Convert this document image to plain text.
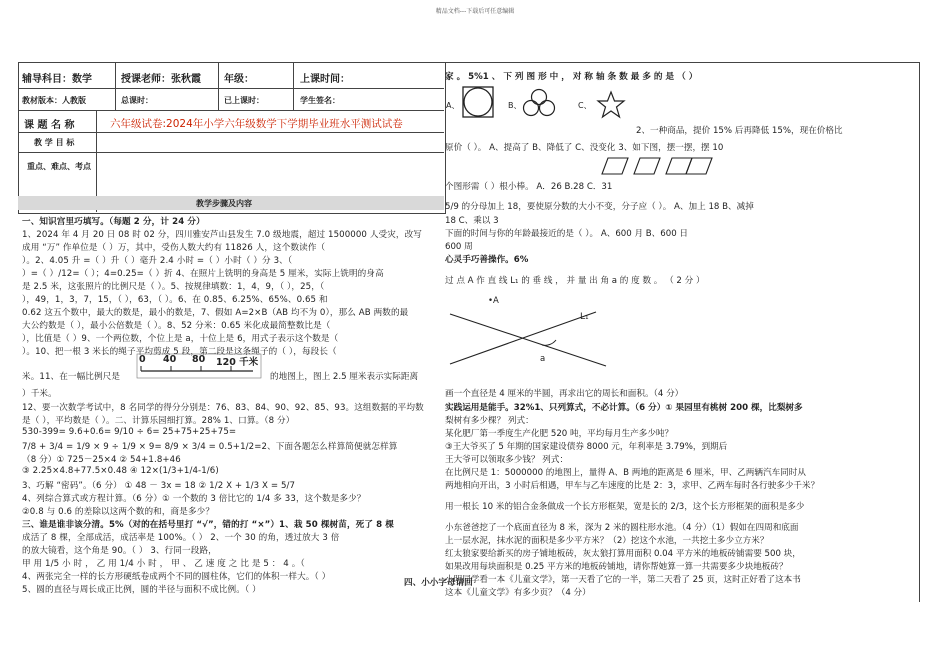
精品文档---下载后可任意编辑
辅导科目：数学	授课老师：张秋霞 年级：	上课时间：
教材版本：人教版	总课时：	已上课时：	学生签名：
课 题 名 称	六年级试卷:2024年小学六年级数学下学期毕业班水平测试试卷
教 学 目 标
重点、难点、考点
教学步骤及内容
一、知识宫里巧填写。（每题 2 分，计 24 分）
1、2024 年 4 月 20 日 08 时 02 分，四川雅安芦山县发生 7.0 级地震，超过 1500000 人受灾，改写
成用 “万” 作单位是（ ）万，其中，受伤人数大约有 11826 人，这个数读作（
）。2、4.05 升 =（ ）升（ ）毫升 2.4 小时 =（ ）小时（ ）分 3、（
）=（ ）/12=（ ）；4=0.25=（ ）折 4、在照片上铣明的身高是 5 厘米，实际上铣明的身高
是 2.5 米，这张照片的比例尺是（ ）。5、按规律填数：1，4，9，（ ），25，（
），49，1，3，7，15，（ ），63，（ ）。6、在 0.85、6.25%、65%、0.65 和
0.62 这五个数中，最大的数是，最小的数是，7、假如 A=2×B（AB 均不为 0），那么 AB 两数的最
大公约数是（ ），最小公倍数是（ ）。8、52 分米：0.65 米化成最简整数比是（
），比值是（ ）9、一个两位数，个位上是 a，十位上是 6，用式子表示这个数是（
）。10、把一根 3 米长的绳子平均剪成 5 段，第二段是这条绳子的（ ），每段长（
米。11、在一幅比例尺是
0 40 80 120 千米
的地图上，图上 2.5 厘米表示实际距离
）千米。
12、要一次数学考试中，8 名同学的得分分别是：76、83、84、90、92、85、93。这组数据的平均数
是（ ），平均数是（ ）。二、计算乐园细打算。28% 1、口算。（8 分）
530-399= 9.6+0.6= 9/10 ÷ 6= 25+75+25+75=
7/8 + 3/4 = 1/9 × 9 ÷ 1/9 × 9= 8/9 × 3/4 = 0.5+1/2=2、下面各题怎么样算简便就怎样算
（8 分）① 725－25×4 ② 54+1.8+46
③ 2.25×4.8+77.5×0.48 ④ 12×(1/3+1/4-1/6)
3、巧解 “密码”。（6 分） ① 48 － 3x = 18 ② 1/2 X + 1/3 X = 5/7
4、列综合算式或方程计算。（6 分）① 一个数的 3 倍比它的 1/4 多 33，这个数是多少？
②0.8 与 0.6 的差除以这两个数的和，商是多少？
三、谁是谁非该分清。5%（对的在括号里打 “√”，错的打 “×”）1、栽 50 棵树苗，死了 8 棵
成活了 8 棵，全部成活，成活率是 100%。（ ） 2、一个 30 的角，透过放大 3 倍
的放大镜看，这个角是 90。（ ） 3、行同一段路，
甲 用 1/5 小 时 ， 乙 用 1/4 小 时 ， 甲 、 乙 速 度 之 比 是 5 ： 4 。（
4、两张完全一样的长方形硬纸卷成两个不同的圆柱体，它们的体积一样大。（ ）
5、圆的直径与周长成正比例，圆的半径与面积不成比例。（ ）
四、小小字母请回
家 。 5%1 、 下 列 图 形 中 ， 对 称 轴 条 数 最 多 的 是 （ ）
A、	B、	C、
2、一种商品，提价 15% 后再降低 15%，现在价格比
原价（ ）。 A、提高了 B、降低了 C、没变化 3、如下图，摆一摆，摆 10
个图形需（ ）根小棒。 A．26 B.28 C．31
5/9 的分母加上 18，要使原分数的大小不变，分子应（ ）。 A、加上 18 B、减掉
18 C、乘以 3
下面的时间与你的年龄最接近的是（ ）。 A、600 月 B、600 日
600 周
心灵手巧善操作。6%
过 点 A 作 直 线 L₁ 的 垂 线 ， 并 量 出 角 a 的 度 数 。 （ 2 分 ）
•A
L₁
a
画一个直径是 4 厘米的半圆，再求出它的周长和面积。（4 分）
实践运用是能手。32%1、只列算式，不必计算。（6 分）① 果园里有桃树 200 棵，比梨树多
梨树有多少棵？ 列式：
某化肥厂第一季度生产化肥 520 吨，平均每月生产多少吨？
③王大爷买了 5 年期的国家建设债券 8000 元，年利率是 3.79%，到期后
王大爷可以领取多少钱？ 列式：
在比例尺是 1：5000000 的地图上，量得 A、B 两地的距离是 6 厘米，甲、乙两辆汽车同时从
两地相向开出，3 小时后相遇，甲车与乙车速度的比是 2：3，求甲、乙两车每时各行驶多少千米？
用一根长 10 米的铝合金条做成一个长方形框架，宽是长的 2/3，这个长方形框架的面积是多少
小东爸爸挖了一个底面直径为 8 米，深为 2 米的圆柱形水池。（4 分）（1）假如在四周和底面
上一层水泥，抹水泥的面积是多少平方米？（2）挖这个水池，一共挖土多少立方米？
红太狼家要给新买的房子铺地板砖，灰太狼打算用面积 0.04 平方米的地板砖铺需要 500 块，
如果改用每块面积是 0.25 平方米的地板砖铺地，请你帮她算一算一共需要多少块地板砖？
小明同学看一本《儿童文学》，第一天看了它的一半，第二天看了 25 页，这时正好看了这本书
这本《儿童文学》有多少页？（4 分）
